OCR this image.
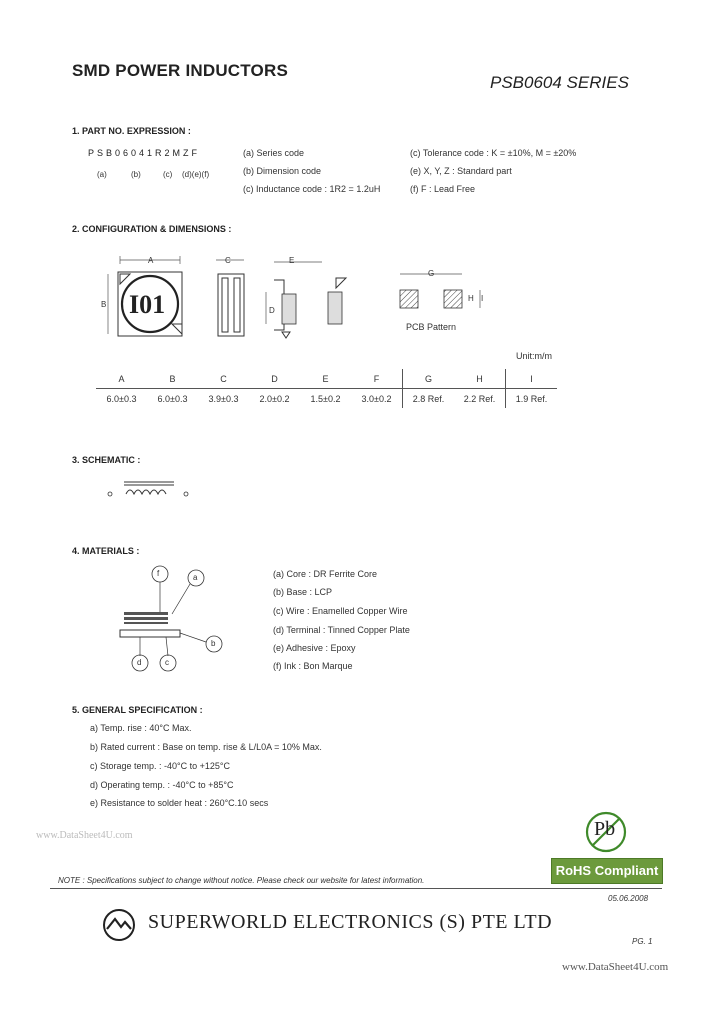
SMD POWER INDUCTORS
PSB0604 SERIES
1. PART NO. EXPRESSION :
PSB06041R2MZF
(a)	(b)	(c) (d)(e)(f)
(a) Series code
(b) Dimension code
(c) Inductance code : 1R2 = 1.2uH
(c) Tolerance code : K = ±10%, M = ±20%
(e) X, Y, Z : Standard part
(f) F : Lead Free
2. CONFIGURATION & DIMENSIONS :
A
B I01
C	E
D
G
H I
PCB Pattern
Unit:m/m
A	B	C	D	E	F	G	H	I
6.0±0.3	6.0±0.3	3.9±0.3	2.0±0.2	1.5±0.2	3.0±0.2	2.8 Ref.	2.2 Ref.	1.9 Ref.
3. SCHEMATIC :
4. MATERIALS :
f	a
b
d	c
(a) Core : DR Ferrite Core
(b) Base : LCP
(c) Wire : Enamelled Copper Wire
(d) Terminal : Tinned Copper Plate
(e) Adhesive : Epoxy
(f) Ink : Bon Marque
5. GENERAL SPECIFICATION :
a) Temp. rise : 40°C Max.
b) Rated current : Base on temp. rise & L/L0A = 10% Max.
c) Storage temp. : -40°C to +125°C
d) Operating temp. : -40°C to +85°C
e) Resistance to solder heat : 260°C.10 secs
www.DataSheet4U.com	Pb
RoHS Compliant
NOTE : Specifications subject to change without notice. Please check our website for latest information.
05.06.2008
SUPERWORLD ELECTRONICS (S) PTE LTD
PG. 1
www.DataSheet4U.com
